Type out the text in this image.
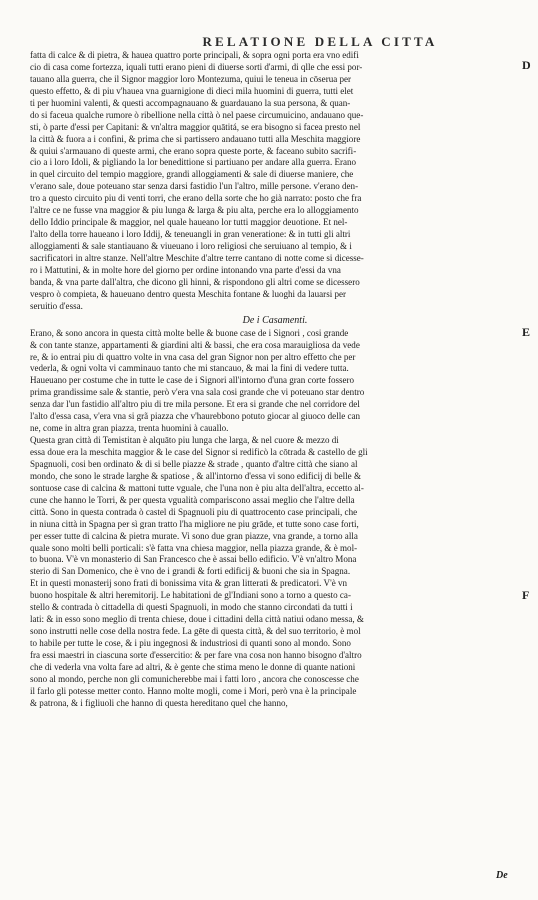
RELATIONE DELLA CITTA
D
E
F
fatta di calce & di pietra, & hauea quattro porte principali, & sopra ogni porta era vno edifi
cio di casa come fortezza, iquali tutti erano pieni di diuerse sorti d'armi, di qlle che essi por-
tauano alla guerra, che il Signor maggior loro Montezuma, quiui le teneua in cōserua per
questo effetto, & di piu v'hauea vna guarnigione di dieci mila huomini di guerra, tutti elet
ti per huomini valenti, & questi accompagnauano & guardauano la sua persona, & quan-
do si faceua qualche rumore ò ribellione nella città ò nel paese circumuicino, andauano que-
sti, ò parte d'essi per Capitani: & vn'altra maggior quātitá, se era bisogno si facea presto nel
la città & fuora a i confini, & prima che si partissero andauano tutti alla Meschita maggiore
& quiui s'armauano di queste armi, che erano sopra queste porte, & faceano subito sacrifi-
cio a i loro Idoli, & pigliando la lor benedittione si partiuano per andare alla guerra. Erano
in quel circuito del tempio maggiore, grandi alloggiamenti & sale di diuerse maniere, che
v'erano sale, doue poteuano star senza darsi fastidio l'un l'altro, mille persone. v'erano den-
tro a questo circuito piu di venti torri, che erano della sorte che ho già narrato: posto che fra
l'altre ce ne fusse vna maggior & piu lunga & larga & piu alta, perche era lo alloggiamento
dello Iddio principale & maggior, nel quale haueano lor tutti maggior deuotione. Et nel-
l'alto della torre haueano i loro Iddij, & teneuangli in gran veneratione: & in tutti gli altri
alloggiamenti & sale stantiauano & viueuano i loro religiosi che seruiuano al tempio, & i
sacrificatori in altre stanze. Nell'altre Meschite d'altre terre cantano di notte come si dicesse-
ro i Mattutini, & in molte hore del giorno per ordine intonando vna parte d'essi da vna
banda, & vna parte dall'altra, che dicono gli hinni, & rispondono gli altri come se dicessero
vespro ò compieta, & haueuano dentro questa Meschita fontane & luoghi da lauarsi per
seruitio d'essa.
De i Casamenti.
Erano, & sono ancora in questa città molte belle & buone case de i Signori , cosi grande
& con tante stanze, appartamenti & giardini alti & bassi, che era cosa marauigliosa da vede
re, & io entrai piu di quattro volte in vna casa del gran Signor non per altro effetto che per
vederla, & ogni volta vi camminauo tanto che mi stancauo, & mai la fini di vedere tutta.
Haueuano per costume che in tutte le case de i Signori all'intorno d'una gran corte fossero
prima grandissime sale & stantie, però v'era vna sala cosi grande che vi poteuano star dentro
senza dar l'un fastidio all'altro piu di tre mila persone. Et era si grande che nel corridore del
l'alto d'essa casa, v'era vna si grã piazza che v'haurebbono potuto giocar al giuoco delle can
ne, come in altra gran piazza, trenta huomini à cauallo.
Questa gran città di Temistitan è alquāto piu lunga che larga, & nel cuore & mezzo di
essa doue era la meschita maggior & le case del Signor si redificò la cōtrada & castello de gli
Spagnuoli, cosi ben ordinato & di si belle piazze & strade , quanto d'altre città che siano al
mondo, che sono le strade larghe & spatiose , & all'intorno d'essa vi sono edificij di belle &
sontuose case di calcina & mattoni tutte vguale, che l'una non è piu alta dell'altra, eccetto al-
cune che hanno le Torri, & per questa vgualità compariscono assai meglio che l'altre della
città. Sono in questa contrada ò castel di Spagnuoli piu di quattrocento case principali, che
in niuna città in Spagna per sì gran tratto l'ha migliore ne piu grāde, et tutte sono case forti,
per esser tutte di calcina & pietra murate. Vi sono due gran piazze, vna grande, a torno alla
quale sono molti belli porticali: s'è fatta vna chiesa maggior, nella piazza grande, & è mol-
to buona. V'è vn monasterio di San Francesco che è assai bello edificio. V'è vn'altro Mona
sterio di San Domenico, che è vno de i grandi & forti edificij & buoni che sia in Spagna.
Et in questi monasterij sono frati di bonissima vita & gran litterati & predicatori. V'è vn
buono hospitale & altri heremitorij. Le habitationi de gl'Indiani sono a torno a questo ca-
stello & contrada ò cittadella di questi Spagnuoli, in modo che stanno circondati da tutti i
lati: & in esso sono meglio di trenta chiese, doue i cittadini della città natiui odano messa, &
sono instrutti nelle cose della nostra fede. La gēte di questa città, & del suo territorio, è mol
to habile per tutte le cose, & i piu ingegnosi & industriosi di quanti sono al mondo. Sono
fra essi maestri in ciascuna sorte d'essercitio: & per fare vna cosa non hanno bisogno d'altro
che di vederla vna volta fare ad altri, & è gente che stima meno le donne di quante nationi
sono al mondo, perche non gli comunicherebbe mai i fatti loro , ancora che conoscesse che
il farlo gli potesse metter conto. Hanno molte mogli, come i Mori, però vna è la principale
& patrona, & i figliuoli che hanno di questa hereditano quel che hanno,
De
